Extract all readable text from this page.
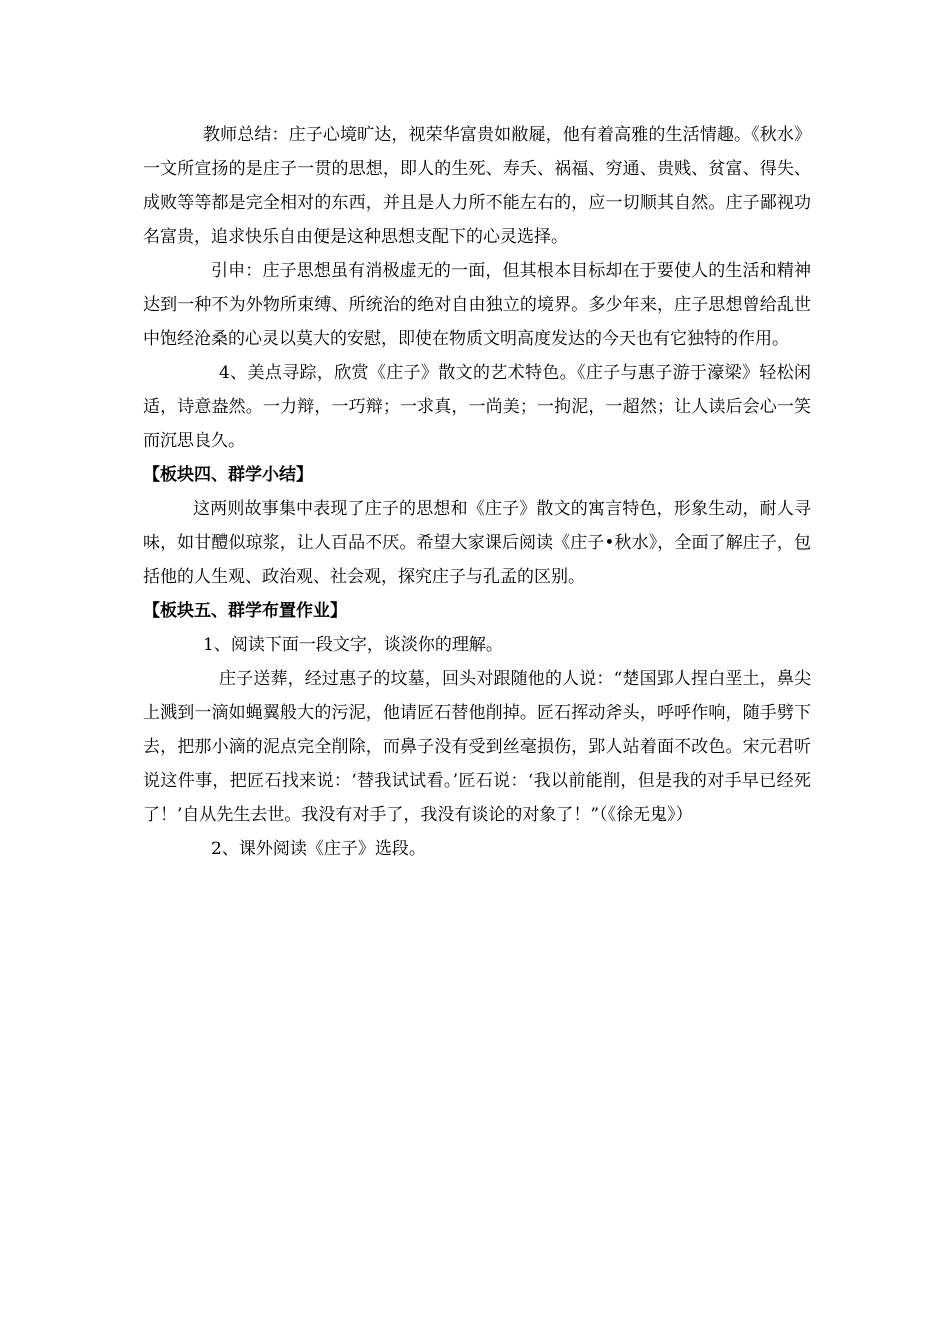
教师总结：庄子心境旷达，视荣华富贵如敝屣，他有着高雅的生活情趣。《秋水》一文所宣扬的是庄子一贯的思想，即人的生死、寿夭、祸福、穷通、贵贱、贫富、得失、成败等等都是完全相对的东西，并且是人力所不能左右的，应一切顺其自然。庄子鄙视功名富贵，追求快乐自由便是这种思想支配下的心灵选择。

引申：庄子思想虽有消极虚无的一面，但其根本目标却在于要使人的生活和精神达到一种不为外物所束缚、所统治的绝对自由独立的境界。多少年来，庄子思想曾给乱世中饱经沧桑的心灵以莫大的安慰，即使在物质文明高度发达的今天也有它独特的作用。

4、美点寻踪，欣赏《庄子》散文的艺术特色。《庄子与惠子游于濠梁》轻松闲适，诗意盎然。一力辩，一巧辩；一求真，一尚美；一拘泥，一超然；让人读后会心一笑而沉思良久。

【板块四、群学小结】

这两则故事集中表现了庄子的思想和《庄子》散文的寓言特色，形象生动，耐人寻味，如甘醴似琼浆，让人百品不厌。希望大家课后阅读《庄子•秋水》，全面了解庄子，包括他的人生观、政治观、社会观，探究庄子与孔孟的区别。

【板块五、群学布置作业】

1、阅读下面一段文字，谈淡你的理解。

庄子送葬，经过惠子的坟墓，回头对跟随他的人说：“楚国郢人捏白垩土，鼻尖上溅到一滴如蝇翼般大的污泥，他请匠石替他削掉。匠石挥动斧头，呼呼作响，随手劈下去，把那小滴的泥点完全削除，而鼻子没有受到丝毫损伤，郢人站着面不改色。宋元君听说这件事，把匠石找来说：‘替我试试看。’匠石说：‘我以前能削，但是我的对手早已经死了！’自从先生去世。我没有对手了，我没有谈论的对象了！”（《徐无鬼》）

2、课外阅读《庄子》选段。
